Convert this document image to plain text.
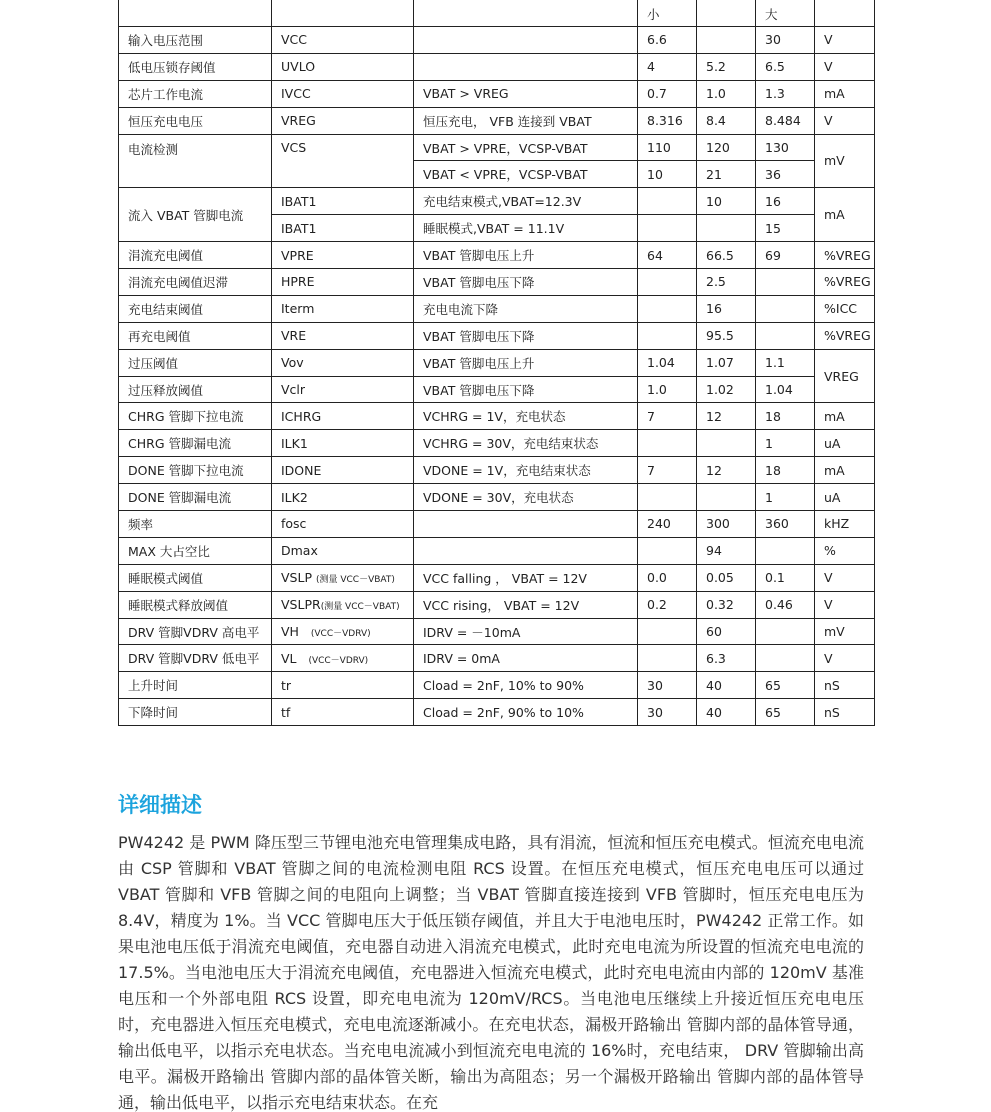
			小		大	
输入电压范围	VCC		6.6		30	V
低电压锁存阈值	UVLO		4	5.2	6.5	V
芯片工作电流	IVCC	VBAT > VREG	0.7	1.0	1.3	mA
恒压充电电压	VREG	恒压充电， VFB 连接到 VBAT	8.316	8.4	8.484	V
电流检测	VCS	VBAT > VPRE，VCSP-VBAT	110	120	130	mV
		VBAT < VPRE，VCSP-VBAT	10	21	36	
流入 VBAT 管脚电流	IBAT1	充电结束模式,VBAT=12.3V		10	16	mA
	IBAT1	睡眠模式,VBAT = 11.1V			15	
涓流充电阈值	VPRE	VBAT 管脚电压上升	64	66.5	69	%VREG
涓流充电阈值迟滞	HPRE	VBAT 管脚电压下降		2.5		%VREG
充电结束阈值	Iterm	充电电流下降		16		%ICC
再充电阈值	VRE	VBAT 管脚电压下降		95.5		%VREG
过压阈值	Vov	VBAT 管脚电压上升	1.04	1.07	1.1	VREG
过压释放阈值	Vclr	VBAT 管脚电压下降	1.0	1.02	1.04	
CHRG 管脚下拉电流	ICHRG	VCHRG = 1V，充电状态	7	12	18	mA
CHRG 管脚漏电流	ILK1	VCHRG = 30V，充电结束状态			1	uA
DONE 管脚下拉电流	IDONE	VDONE = 1V，充电结束状态	7	12	18	mA
DONE 管脚漏电流	ILK2	VDONE = 30V，充电状态			1	uA
频率	fosc		240	300	360	kHZ
MAX 大占空比	Dmax			94		%
睡眠模式阈值	VSLP (测量 VCC－VBAT)	VCC falling ， VBAT = 12V	0.0	0.05	0.1	V
睡眠模式释放阈值	VSLPR(测量 VCC－VBAT)	VCC rising， VBAT = 12V	0.2	0.32	0.46	V
DRV 管脚VDRV 高电平	VH (VCC－VDRV)	IDRV = －10mA		60		mV
DRV 管脚VDRV 低电平	VL (VCC－VDRV)	IDRV = 0mA		6.3		V
上升时间	tr	Cload = 2nF, 10% to 90%	30	40	65	nS
下降时间	tf	Cload = 2nF, 90% to 10%	30	40	65	nS
详细描述

PW4242 是 PWM 降压型三节锂电池充电管理集成电路，具有涓流，恒流和恒压充电模式。恒流充电电流由 CSP 管脚和 VBAT 管脚之间的电流检测电阻 RCS 设置。在恒压充电模式，恒压充电电压可以通过 VBAT 管脚和 VFB 管脚之间的电阻向上调整；当 VBAT 管脚直接连接到 VFB 管脚时，恒压充电电压为 8.4V，精度为 1%。当 VCC 管脚电压大于低压锁存阈值，并且大于电池电压时，PW4242 正常工作。如果电池电压低于涓流充电阈值，充电器自动进入涓流充电模式，此时充电电流为所设置的恒流充电电流的 17.5%。当电池电压大于涓流充电阈值，充电器进入恒流充电模式，此时充电电流由内部的 120mV 基准电压和一个外部电阻 RCS 设置，即充电电流为 120mV/RCS。当电池电压继续上升接近恒压充电电压时，充电器进入恒压充电模式，充电电流逐渐减小。在充电状态，漏极开路输出 管脚内部的晶体管导通，输出低电平，以指示充电状态。当充电电流减小到恒流充电电流的 16%时，充电结束， DRV 管脚输出高电平。漏极开路输出 管脚内部的晶体管关断，输出为高阻态；另一个漏极开路输出 管脚内部的晶体管导通，输出低电平，以指示充电结束状态。在充
